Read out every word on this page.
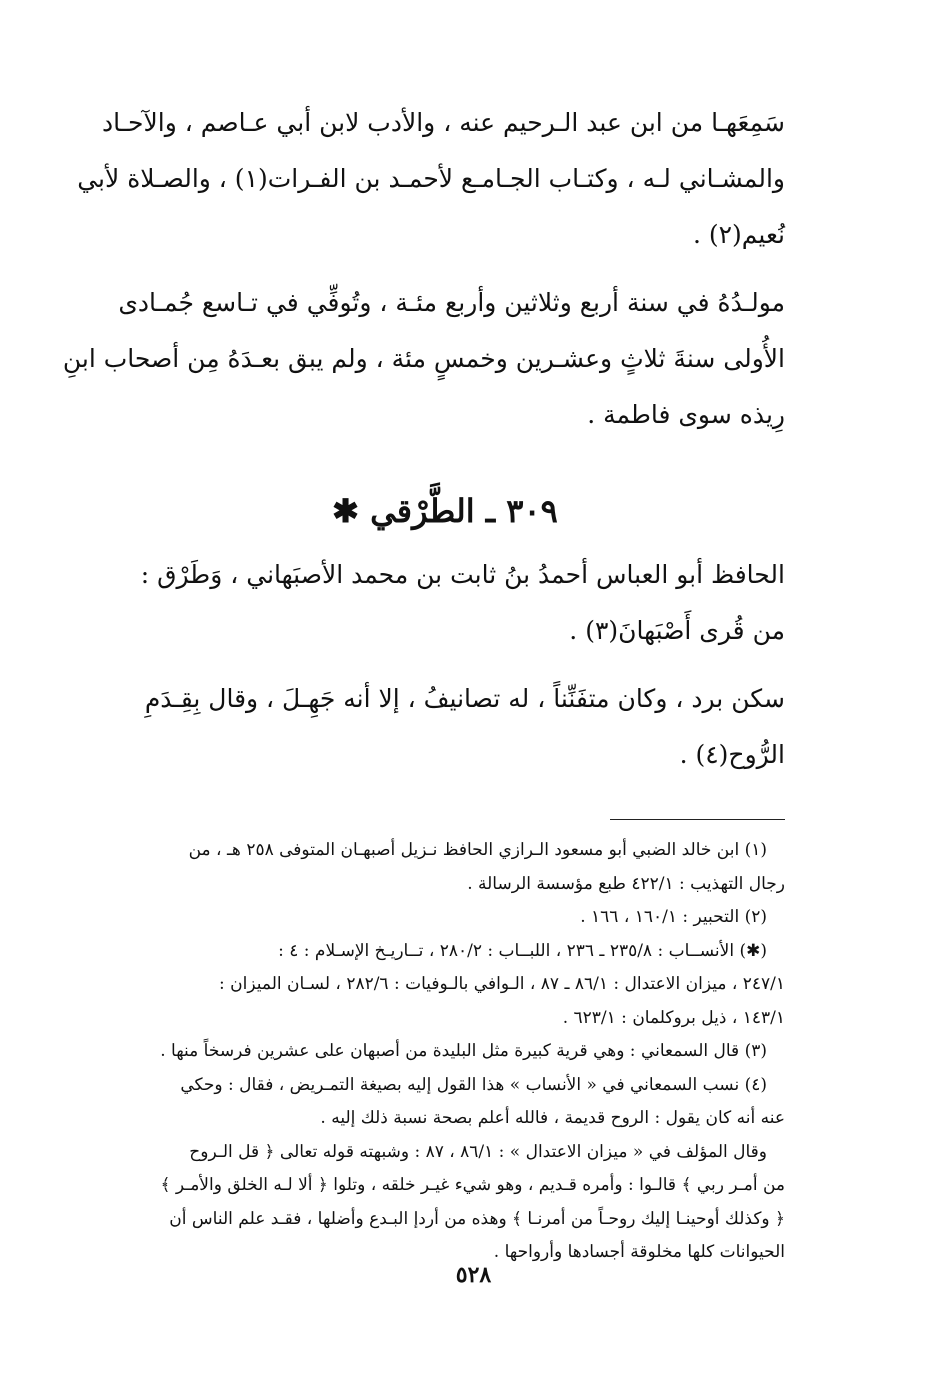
سَمِعَهـا من ابن عبد الـرحيم عنه ، والأدب لابن أبي عـاصم ، والآحـاد
والمشـاني لـه ، وكتـاب الجـامـع لأحمـد بن الفـرات(١) ، والصـلاة لأبي
نُعيم(٢) .
مولـدُهُ في سنة أربع وثلاثين وأربع مئـة ، وتُوفِّي في تـاسع جُمـادى
الأُولى سنةَ ثلاثٍ وعشـرين وخمسٍ مئة ، ولم يبق بعـدَهُ مِن أصحاب ابنِ
رِيذه سوى فاطمة .
٣٠٩ ـ الطَّرْقي ✱
الحافظ أبو العباس أحمدُ بنُ ثابت بن محمد الأصبَهاني ، وَطَرْق :
من قُرى أَصْبَهانَ(٣) .
سكن برد ، وكان متفَنِّناً ، له تصانيفُ ، إلا أنه جَهِـلَ ، وقال بِقِـدَمِ
الرُّوح(٤) .
(١) ابن خالد الضبي أبو مسعود الـرازي الحافظ نـزيل أصبهـان المتوفى ٢٥٨ هـ ، من
رجال التهذيب : ٤٢٢/١ طبع مؤسسة الرسالة .
(٢) التحبير : ١٦٠/١ ، ١٦٦ .
(✱) الأنســاب : ٢٣٥/٨ ـ ٢٣٦ ، اللبــاب : ٢٨٠/٢ ، تــاريـخ الإسـلام : ٤ :
٢٤٧/١ ، ميزان الاعتدال : ٨٦/١ ـ ٨٧ ، الـوافي بالـوفيات : ٢٨٢/٦ ، لسـان الميزان :
١٤٣/١ ، ذيل بروكلمان : ٦٢٣/١ .
(٣) قال السمعاني : وهي قرية كبيرة مثل البليدة من أصبهان على عشرين فرسخاً منها .
(٤) نسب السمعاني في « الأنساب » هذا القول إليه بصيغة التمـريض ، فقال : وحكي
عنه أنه كان يقول : الروح قديمة ، فالله أعلم بصحة نسبة ذلك إليه .
وقال المؤلف في « ميزان الاعتدال » : ٨٦/١ ، ٨٧ : وشبهته قوله تعالى ﴿ قل الـروح
من أمـر ربي ﴾ قالـوا : وأمره قـديم ، وهو شيء غيـر خلقه ، وتلوا ﴿ ألا لـه الخلق والأمـر ﴾
﴿ وكذلك أوحينـا إليك روحـاً من أمرنـا ﴾ وهذه من أردإ البـدع وأضلها ، فقـد علم الناس أن
الحيوانات كلها مخلوقة أجسادها وأرواحها .
٥٢٨
